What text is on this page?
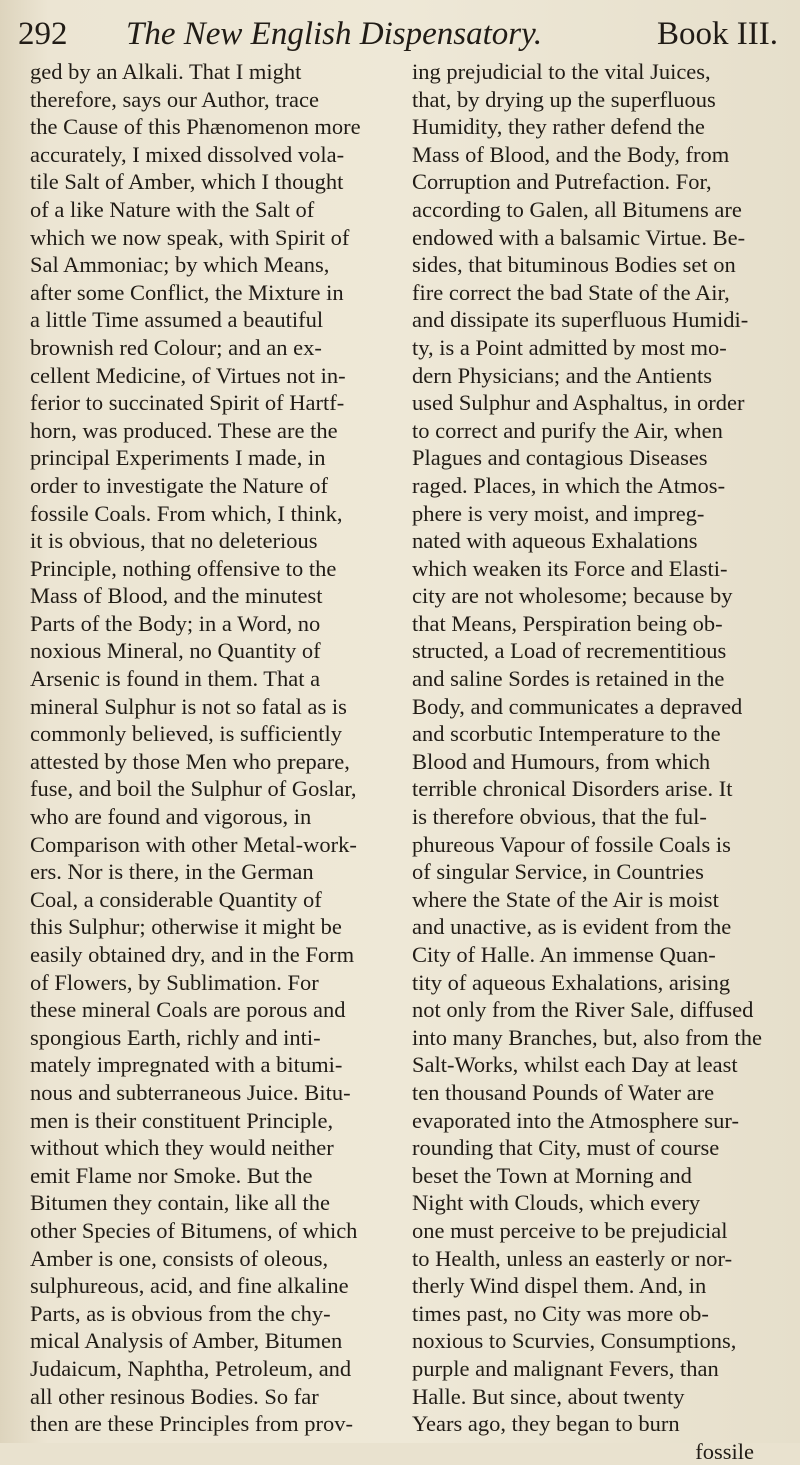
292 The New English Dispensatory.	Book III.
ged by an Alkali. That I might
therefore, says our Author, trace
the Cause of this Phænomenon more
accurately, I mixed dissolved vola-
tile Salt of Amber, which I thought
of a like Nature with the Salt of
which we now speak, with Spirit of
Sal Ammoniac; by which Means,
after some Conflict, the Mixture in
a little Time assumed a beautiful
brownish red Colour; and an ex-
cellent Medicine, of Virtues not in-
ferior to succinated Spirit of Hartf-
horn, was produced. These are the
principal Experiments I made, in
order to investigate the Nature of
fossile Coals. From which, I think,
it is obvious, that no deleterious
Principle, nothing offensive to the
Mass of Blood, and the minutest
Parts of the Body; in a Word, no
noxious Mineral, no Quantity of
Arsenic is found in them. That a
mineral Sulphur is not so fatal as is
commonly believed, is sufficiently
attested by those Men who prepare,
fuse, and boil the Sulphur of Goslar,
who are found and vigorous, in
Comparison with other Metal-work-
ers. Nor is there, in the German
Coal, a considerable Quantity of
this Sulphur; otherwise it might be
easily obtained dry, and in the Form
of Flowers, by Sublimation. For
these mineral Coals are porous and
spongious Earth, richly and inti-
mately impregnated with a bitumi-
nous and subterraneous Juice. Bitu-
men is their constituent Principle,
without which they would neither
emit Flame nor Smoke. But the
Bitumen they contain, like all the
other Species of Bitumens, of which
Amber is one, consists of oleous,
sulphureous, acid, and fine alkaline
Parts, as is obvious from the chy-
mical Analysis of Amber, Bitumen
Judaicum, Naphtha, Petroleum, and
all other resinous Bodies. So far
then are these Principles from prov-
ing prejudicial to the vital Juices,
that, by drying up the superfluous
Humidity, they rather defend the
Mass of Blood, and the Body, from
Corruption and Putrefaction. For,
according to Galen, all Bitumens are
endowed with a balsamic Virtue. Be-
sides, that bituminous Bodies set on
fire correct the bad State of the Air,
and dissipate its superfluous Humidi-
ty, is a Point admitted by most mo-
dern Physicians; and the Antients
used Sulphur and Asphaltus, in order
to correct and purify the Air, when
Plagues and contagious Diseases
raged. Places, in which the Atmos-
phere is very moist, and impreg-
nated with aqueous Exhalations
which weaken its Force and Elasti-
city are not wholesome; because by
that Means, Perspiration being ob-
structed, a Load of recrementitious
and saline Sordes is retained in the
Body, and communicates a depraved
and scorbutic Intemperature to the
Blood and Humours, from which
terrible chronical Disorders arise. It
is therefore obvious, that the ful-
phureous Vapour of fossile Coals is
of singular Service, in Countries
where the State of the Air is moist
and unactive, as is evident from the
City of Halle. An immense Quan-
tity of aqueous Exhalations, arising
not only from the River Sale, diffused
into many Branches, but, also from the
Salt-Works, whilst each Day at least
ten thousand Pounds of Water are
evaporated into the Atmosphere sur-
rounding that City, must of course
beset the Town at Morning and
Night with Clouds, which every
one must perceive to be prejudicial
to Health, unless an easterly or nor-
therly Wind dispel them. And, in
times past, no City was more ob-
noxious to Scurvies, Consumptions,
purple and malignant Fevers, than
Halle. But since, about twenty
Years ago, they began to burn
fossile
